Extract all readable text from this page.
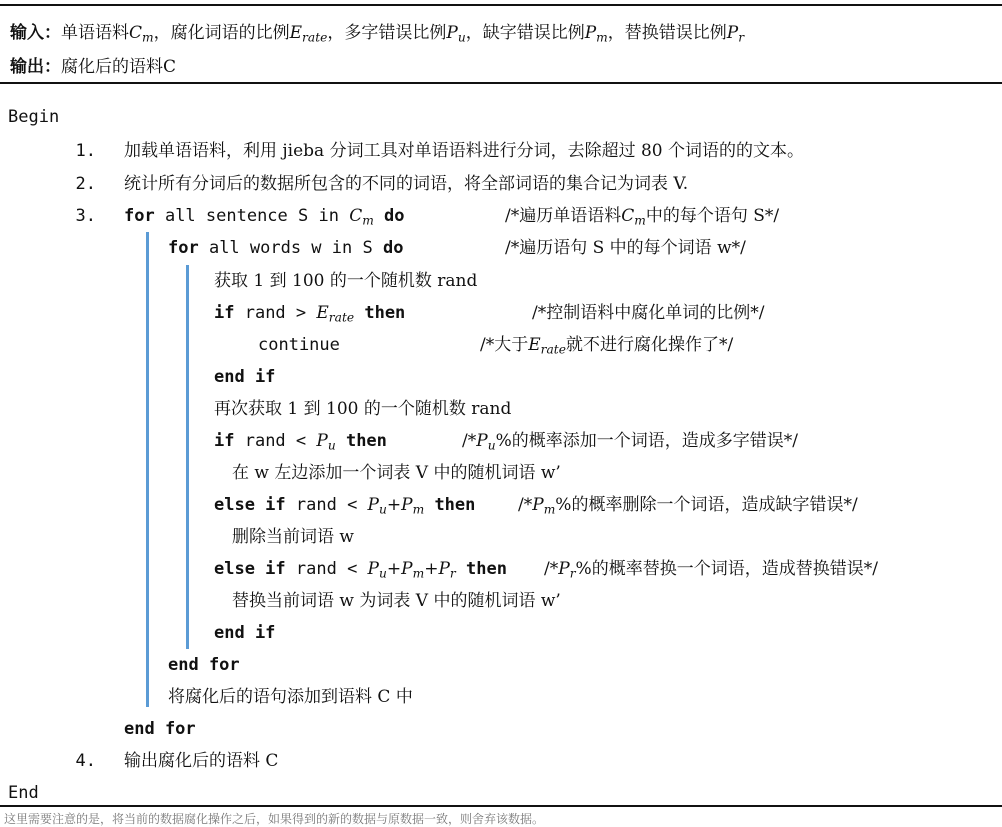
输入：单语语料$C_m$，腐化词语的比例$E_{rate}$，多字错误比例$P_u$，缺字错误比例$P_m$，替换错误比例$P_r$
输出：腐化后的语料C
Begin
1. 加载单语语料，利用 jieba 分词工具对单语语料进行分词，去除超过 80 个词语的的文本。
2. 统计所有分词后的数据所包含的不同的词语，将全部词语的集合记为词表 V.
3. for all sentence S in $C_m$ do	/*遍历单语语料$C_m$中的每个语句 S*/
for all words w in S do	/*遍历语句 S 中的每个词语 w*/
获取 1 到 100 的一个随机数 rand
if rand > $E_{rate}$ then	/*控制语料中腐化单词的比例*/
continue	/*大于$E_{rate}$就不进行腐化操作了*/
end if
再次获取 1 到 100 的一个随机数 rand
if rand < $P_u$ then	$/*P_u\%$的概率添加一个词语，造成多字错误*/
在 w 左边添加一个词表 V 中的随机词语 w’
else if rand < $P_u+P_m$ then	$/*P_m\%$的概率删除一个词语，造成缺字错误*/
删除当前词语 w
else if rand < $P_u+P_m+P_r$ then $/*P_r\%$的概率替换一个词语，造成替换错误*/
替换当前词语 w 为词表 V 中的随机词语 w’
end if
end for
将腐化后的语句添加到语料 C 中
end for
4. 输出腐化后的语料 C
End
这里需要注意的是，将当前的数据腐化操作之后，如果得到的新的数据与原数据一致，则舍弃该数据。
